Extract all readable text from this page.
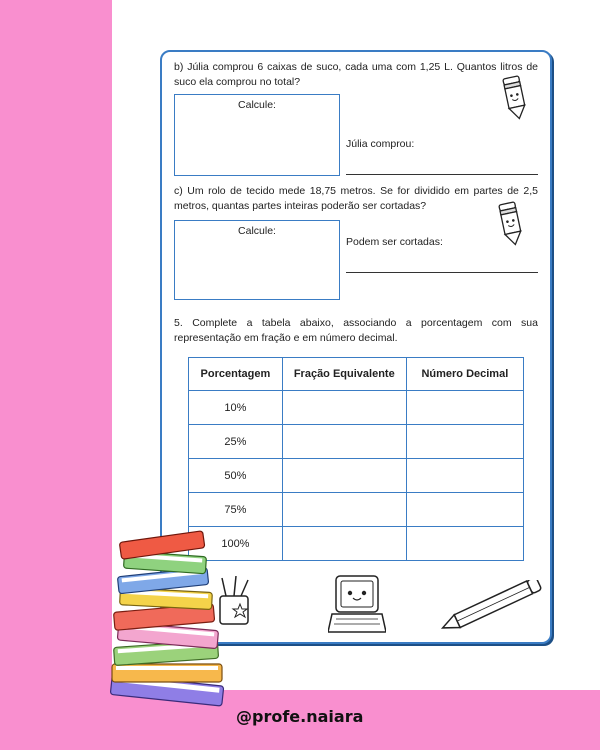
b) Júlia comprou 6 caixas de suco, cada uma com 1,25 L. Quantos litros de suco ela comprou no total?
Calcule:
Júlia comprou:
c) Um rolo de tecido mede 18,75 metros. Se for dividido em partes de 2,5 metros, quantas partes inteiras poderão ser cortadas?
Calcule:
Podem ser cortadas:
5. Complete a tabela abaixo, associando a porcentagem com sua representação em fração e em número decimal.
Porcentagem	Fração Equivalente	Número Decimal
10%		
25%		
50%		
75%		
100%		
@profe.naiara
